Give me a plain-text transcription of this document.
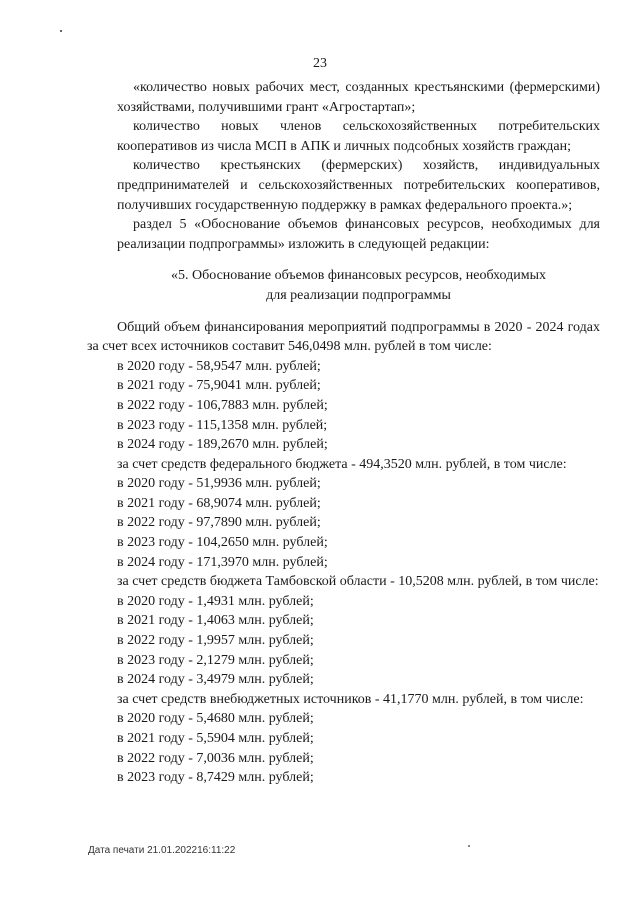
23

«количество новых рабочих мест, созданных крестьянскими (фермерскими) хозяйствами, получившими грант «Агростартап»;

количество новых членов сельскохозяйственных потребительских кооперативов из числа МСП в АПК и личных подсобных хозяйств граждан;

количество крестьянских (фермерских) хозяйств, индивидуальных предпринимателей и сельскохозяйственных потребительских кооперативов, получивших государственную поддержку в рамках федерального проекта.»;

раздел 5 «Обоснование объемов финансовых ресурсов, необходимых для реализации подпрограммы» изложить в следующей редакции:

«5. Обоснование объемов финансовых ресурсов, необходимых
для реализации подпрограммы

Общий объем финансирования мероприятий подпрограммы в 2020 - 2024 годах за счет всех источников составит 546,0498 млн. рублей в том числе:

в 2020 году - 58,9547 млн. рублей;

в 2021 году - 75,9041 млн. рублей;

в 2022 году - 106,7883 млн. рублей;

в 2023 году - 115,1358 млн. рублей;

в 2024 году - 189,2670 млн. рублей;

за счет средств федерального бюджета - 494,3520 млн. рублей, в том числе:

в 2020 году - 51,9936 млн. рублей;

в 2021 году - 68,9074 млн. рублей;

в 2022 году - 97,7890 млн. рублей;

в 2023 году - 104,2650 млн. рублей;

в 2024 году - 171,3970 млн. рублей;

за счет средств бюджета Тамбовской области - 10,5208 млн. рублей, в том числе:

в 2020 году - 1,4931 млн. рублей;

в 2021 году - 1,4063 млн. рублей;

в 2022 году - 1,9957 млн. рублей;

в 2023 году - 2,1279 млн. рублей;

в 2024 году - 3,4979 млн. рублей;

за счет средств внебюджетных источников - 41,1770 млн. рублей, в том числе:

в 2020 году - 5,4680 млн. рублей;

в 2021 году - 5,5904 млн. рублей;

в 2022 году - 7,0036 млн. рублей;

в 2023 году - 8,7429 млн. рублей;

Дата печати 21.01.202216:11:22
